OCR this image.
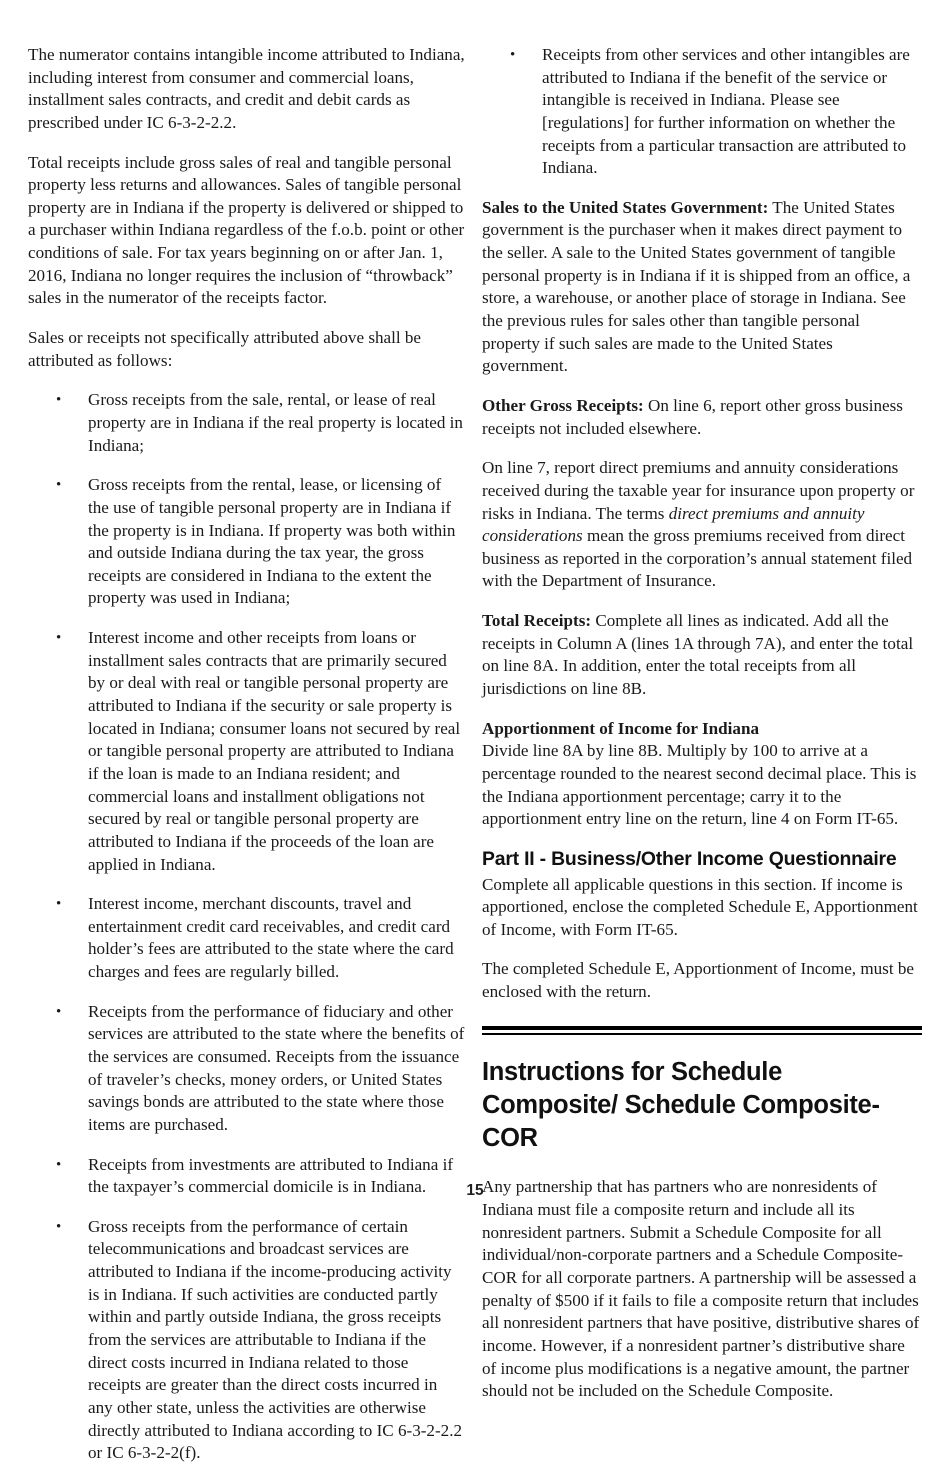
The numerator contains intangible income attributed to Indiana, including interest from consumer and commercial loans, installment sales contracts, and credit and debit cards as prescribed under IC 6-3-2-2.2.

Total receipts include gross sales of real and tangible personal property less returns and allowances. Sales of tangible personal property are in Indiana if the property is delivered or shipped to a purchaser within Indiana regardless of the f.o.b. point or other conditions of sale. For tax years beginning on or after Jan. 1, 2016, Indiana no longer requires the inclusion of “throwback” sales in the numerator of the receipts factor.

Sales or receipts not specifically attributed above shall be attributed as follows:

• Gross receipts from the sale, rental, or lease of real property are in Indiana if the real property is located in Indiana;
• Gross receipts from the rental, lease, or licensing of the use of tangible personal property are in Indiana if the property is in Indiana. If property was both within and outside Indiana during the tax year, the gross receipts are considered in Indiana to the extent the property was used in Indiana;
• Interest income and other receipts from loans or installment sales contracts that are primarily secured by or deal with real or tangible personal property are attributed to Indiana if the security or sale property is located in Indiana; consumer loans not secured by real or tangible personal property are attributed to Indiana if the loan is made to an Indiana resident; and commercial loans and installment obligations not secured by real or tangible personal property are attributed to Indiana if the proceeds of the loan are applied in Indiana.
• Interest income, merchant discounts, travel and entertainment credit card receivables, and credit card holder’s fees are attributed to the state where the card charges and fees are regularly billed.
• Receipts from the performance of fiduciary and other services are attributed to the state where the benefits of the services are consumed. Receipts from the issuance of traveler’s checks, money orders, or United States savings bonds are attributed to the state where those items are purchased.
• Receipts from investments are attributed to Indiana if the taxpayer’s commercial domicile is in Indiana.
• Gross receipts from the performance of certain telecommunications and broadcast services are attributed to Indiana if the income-producing activity is in Indiana. If such activities are conducted partly within and partly outside Indiana, the gross receipts from the services are attributable to Indiana if the direct costs incurred in Indiana related to those receipts are greater than the direct costs incurred in any other state, unless the activities are otherwise directly attributed to Indiana according to IC 6-3-2-2.2 or IC 6-3-2-2(f).
• Receipts from other services and other intangibles are attributed to Indiana if the benefit of the service or intangible is received in Indiana. Please see [regulations] for further information on whether the receipts from a particular transaction are attributed to Indiana.

Sales to the United States Government: The United States government is the purchaser when it makes direct payment to the seller. A sale to the United States government of tangible personal property is in Indiana if it is shipped from an office, a store, a warehouse, or another place of storage in Indiana. See the previous rules for sales other than tangible personal property if such sales are made to the United States government.

Other Gross Receipts: On line 6, report other gross business receipts not included elsewhere.

On line 7, report direct premiums and annuity considerations received during the taxable year for insurance upon property or risks in Indiana. The terms direct premiums and annuity considerations mean the gross premiums received from direct business as reported in the corporation’s annual statement filed with the Department of Insurance.

Total Receipts: Complete all lines as indicated. Add all the receipts in Column A (lines 1A through 7A), and enter the total on line 8A. In addition, enter the total receipts from all jurisdictions on line 8B.

Apportionment of Income for Indiana

Divide line 8A by line 8B. Multiply by 100 to arrive at a percentage rounded to the nearest second decimal place. This is the Indiana apportionment percentage; carry it to the apportionment entry line on the return, line 4 on Form IT-65.

Part II - Business/Other Income Questionnaire

Complete all applicable questions in this section. If income is apportioned, enclose the completed Schedule E, Apportionment of Income, with Form IT-65.

The completed Schedule E, Apportionment of Income, must be enclosed with the return.

Instructions for Schedule Composite/ Schedule Composite-COR

Any partnership that has partners who are nonresidents of Indiana must file a composite return and include all its nonresident partners. Submit a Schedule Composite for all individual/non-corporate partners and a Schedule Composite-COR for all corporate partners. A partnership will be assessed a penalty of $500 if it fails to file a composite return that includes all nonresident partners that have positive, distributive shares of income. However, if a nonresident partner’s distributive share of income plus modifications is a negative amount, the partner should not be included on the Schedule Composite.

15
